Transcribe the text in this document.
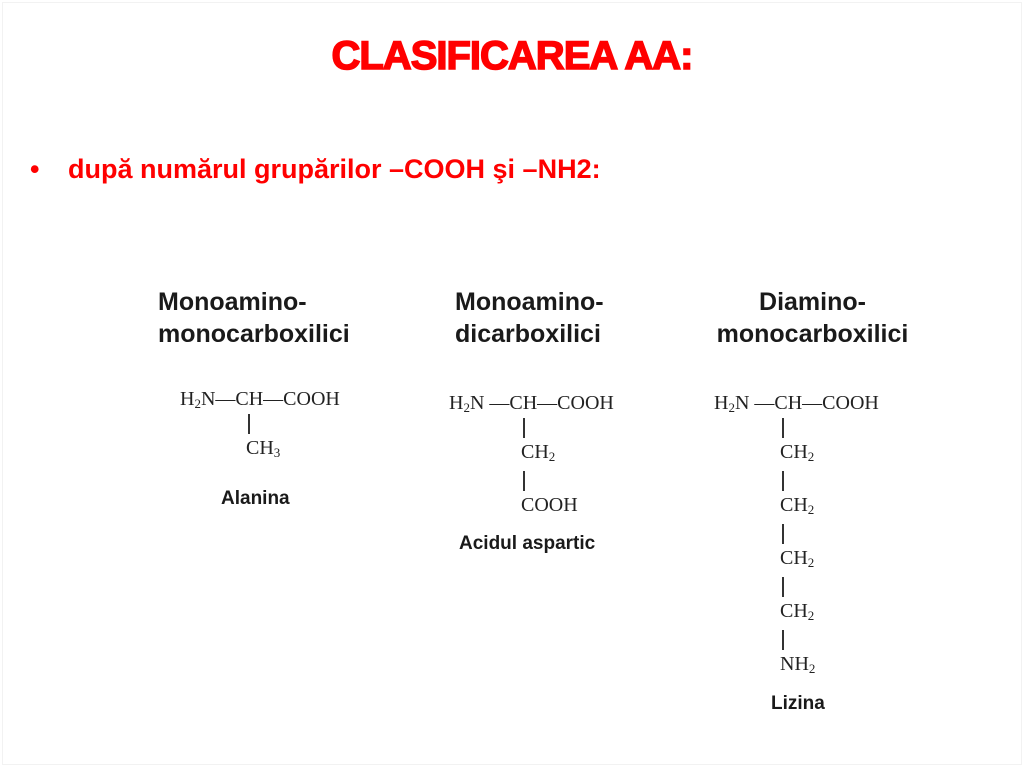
CLASIFICAREA AA:
• după numărul grupărilor –COOH şi –NH2:
Monoamino-
monocarboxilici
$H_2N—CH—COOH$
$CH_3$
Alanina
Monoamino-
dicarboxilici
$H_2N$ —CH—COOH
$CH_2$
COOH
Acidul aspartic
Diamino-
monocarboxilici
$H_2N$ —CH—COOH
$CH_2$
$CH_2$
$CH_2$
$CH_2$
$NH_2$
Lizina
